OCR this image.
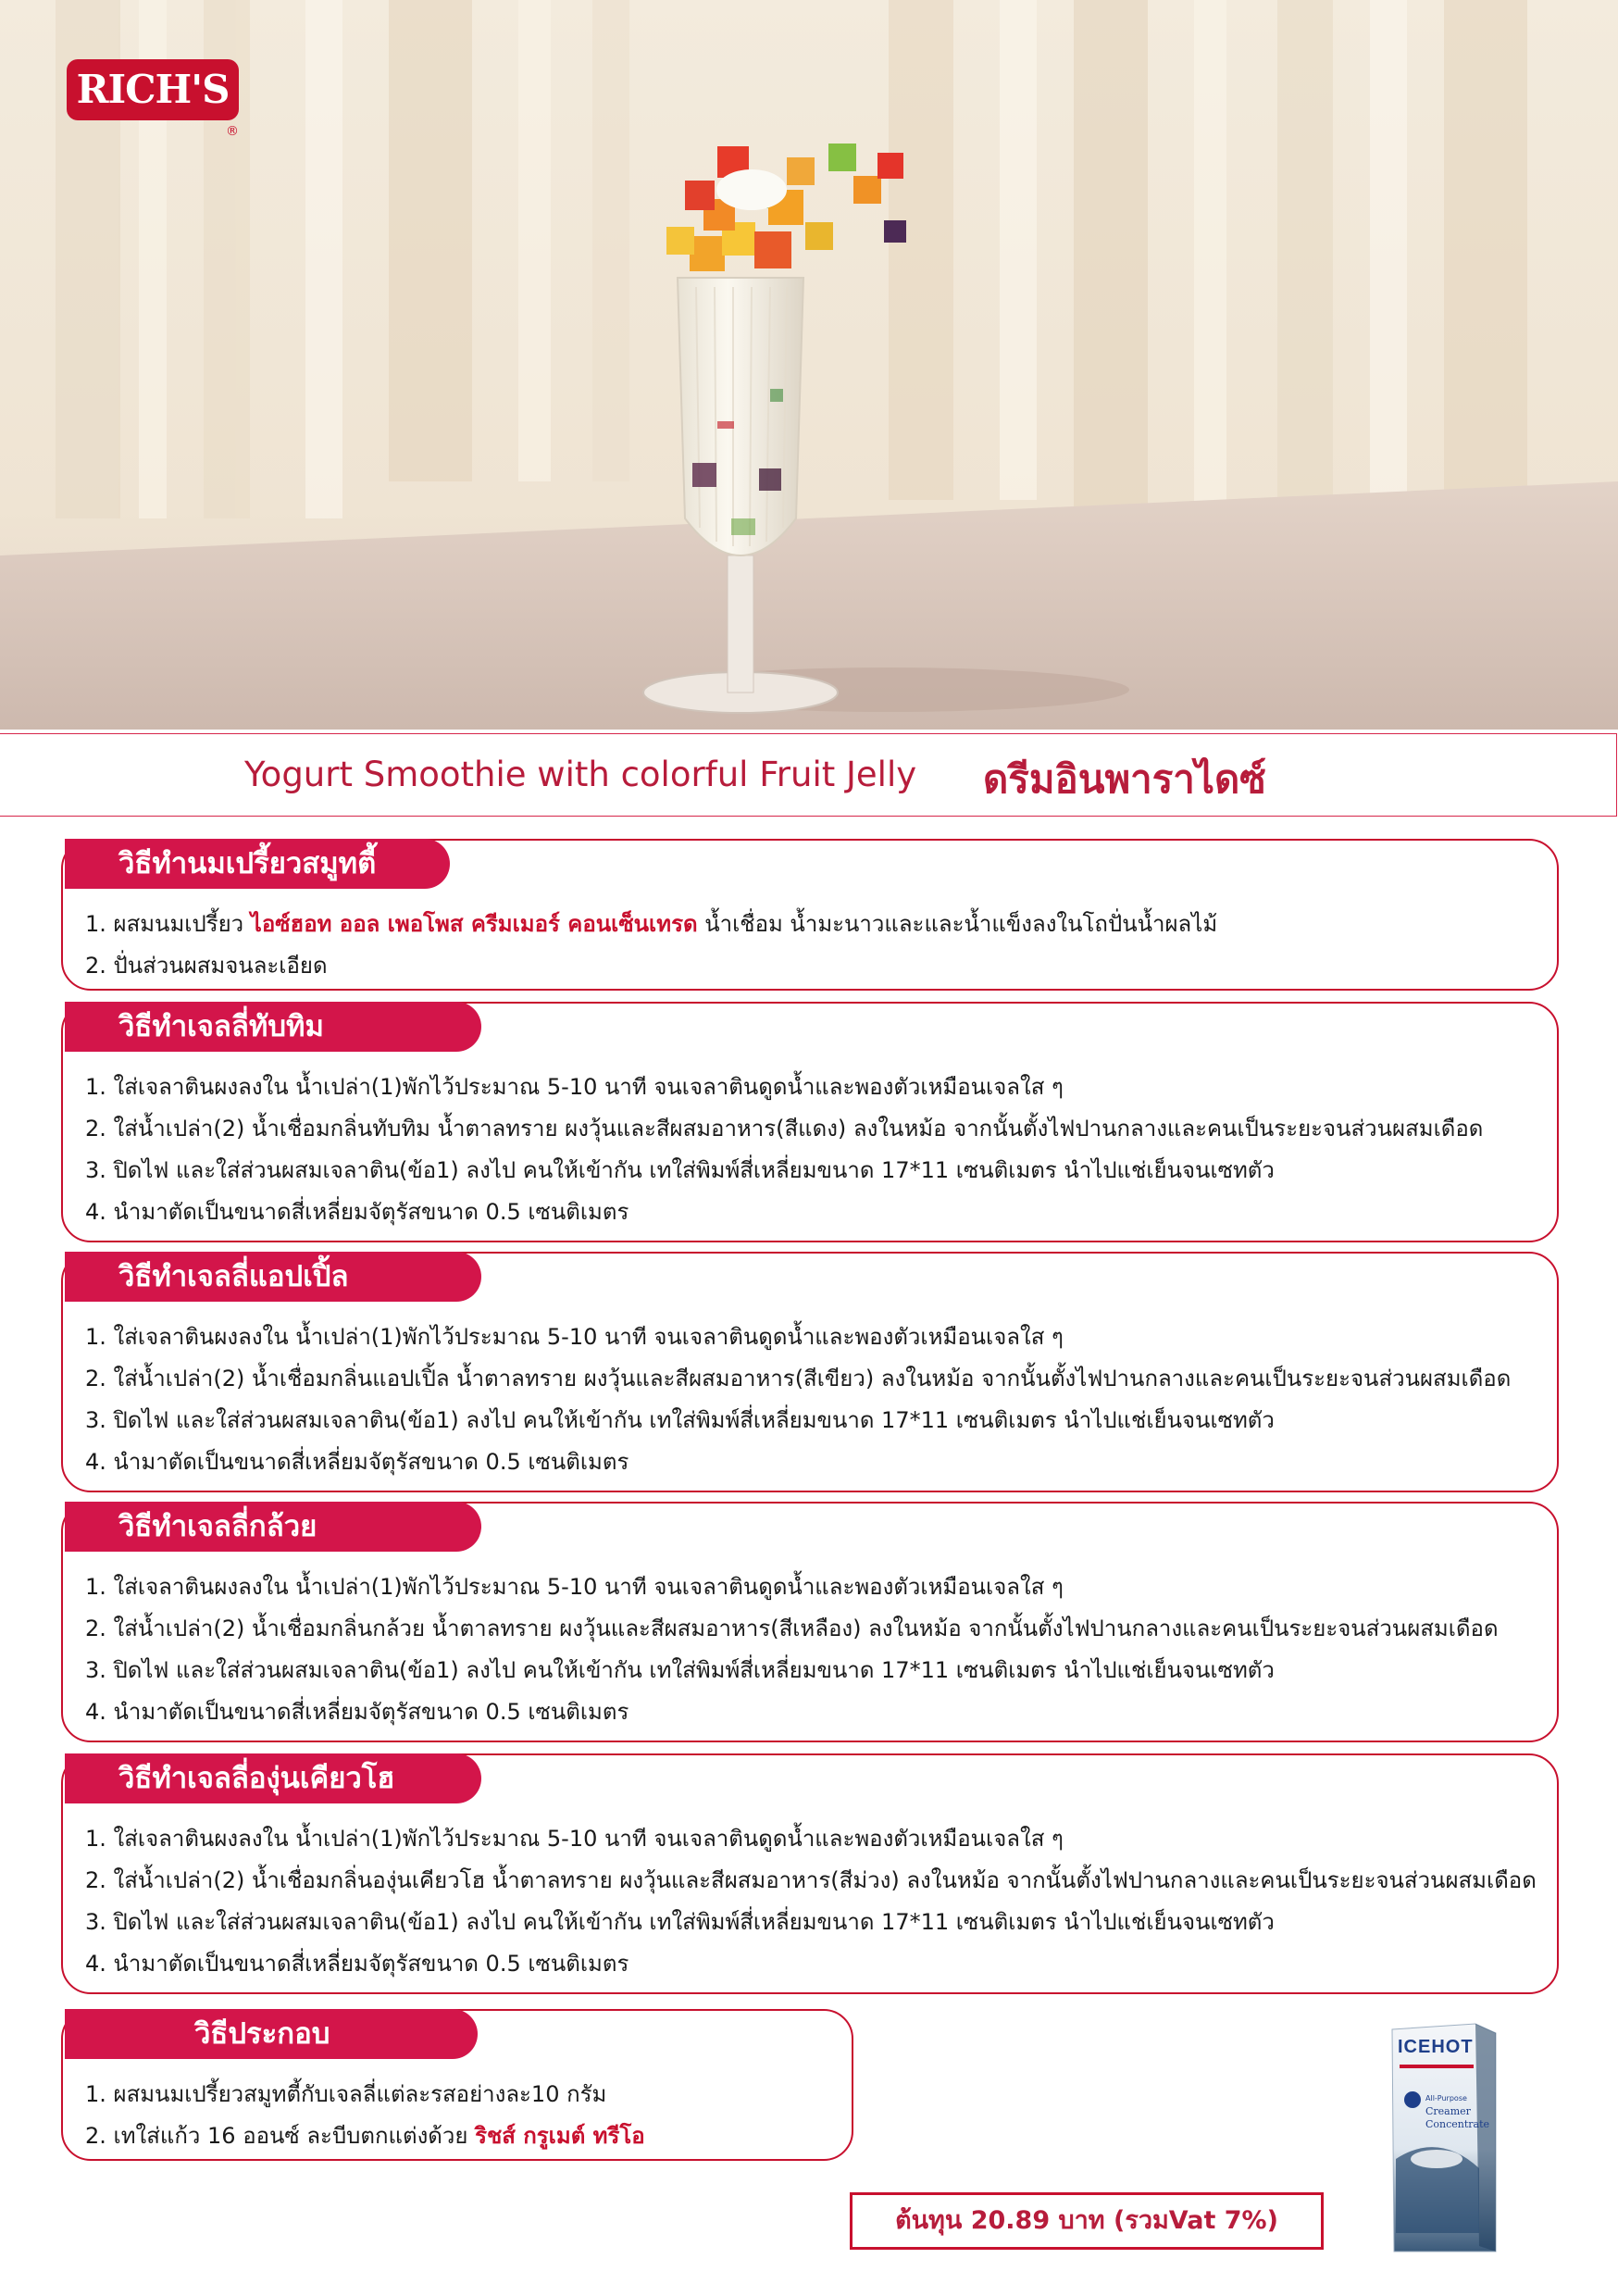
RICH'S
®
Yogurt Smoothie with colorful Fruit Jelly ดรีมอินพาราไดซ์
วิธีทำนมเปรี้ยวสมูทตี้
1. ผสมนมเปรี้ยว ไอซ์ฮอท ออล เพอโพส ครีมเมอร์ คอนเซ็นเทรด น้ำเชื่อม น้ำมะนาวและและน้ำแข็งลงในโถปั่นน้ำผลไม้
2. ปั่นส่วนผสมจนละเอียด
วิธีทำเจลลี่ทับทิม
1. ใส่เจลาตินผงลงใน น้ำเปล่า(1)พักไว้ประมาณ 5-10 นาที จนเจลาตินดูดน้ำและพองตัวเหมือนเจลใส ๆ
2. ใส่น้ำเปล่า(2) น้ำเชื่อมกลิ่นทับทิม น้ำตาลทราย ผงวุ้นและสีผสมอาหาร(สีแดง) ลงในหม้อ จากนั้นตั้งไฟปานกลางและคนเป็นระยะจนส่วนผสมเดือด
3. ปิดไฟ และใส่ส่วนผสมเจลาติน(ข้อ1) ลงไป คนให้เข้ากัน เทใส่พิมพ์สี่เหลี่ยมขนาด 17*11 เซนติเมตร นำไปแช่เย็นจนเซทตัว
4. นำมาตัดเป็นขนาดสี่เหลี่ยมจัตุรัสขนาด 0.5 เซนติเมตร
วิธีทำเจลลี่แอปเปิ้ล
1. ใส่เจลาตินผงลงใน น้ำเปล่า(1)พักไว้ประมาณ 5-10 นาที จนเจลาตินดูดน้ำและพองตัวเหมือนเจลใส ๆ
2. ใส่น้ำเปล่า(2) น้ำเชื่อมกลิ่นแอปเปิ้ล น้ำตาลทราย ผงวุ้นและสีผสมอาหาร(สีเขียว) ลงในหม้อ จากนั้นตั้งไฟปานกลางและคนเป็นระยะจนส่วนผสมเดือด
3. ปิดไฟ และใส่ส่วนผสมเจลาติน(ข้อ1) ลงไป คนให้เข้ากัน เทใส่พิมพ์สี่เหลี่ยมขนาด 17*11 เซนติเมตร นำไปแช่เย็นจนเซทตัว
4. นำมาตัดเป็นขนาดสี่เหลี่ยมจัตุรัสขนาด 0.5 เซนติเมตร
วิธีทำเจลลี่กล้วย
1. ใส่เจลาตินผงลงใน น้ำเปล่า(1)พักไว้ประมาณ 5-10 นาที จนเจลาตินดูดน้ำและพองตัวเหมือนเจลใส ๆ
2. ใส่น้ำเปล่า(2) น้ำเชื่อมกลิ่นกล้วย น้ำตาลทราย ผงวุ้นและสีผสมอาหาร(สีเหลือง) ลงในหม้อ จากนั้นตั้งไฟปานกลางและคนเป็นระยะจนส่วนผสมเดือด
3. ปิดไฟ และใส่ส่วนผสมเจลาติน(ข้อ1) ลงไป คนให้เข้ากัน เทใส่พิมพ์สี่เหลี่ยมขนาด 17*11 เซนติเมตร นำไปแช่เย็นจนเซทตัว
4. นำมาตัดเป็นขนาดสี่เหลี่ยมจัตุรัสขนาด 0.5 เซนติเมตร
วิธีทำเจลลี่องุ่นเคียวโฮ
1. ใส่เจลาตินผงลงใน น้ำเปล่า(1)พักไว้ประมาณ 5-10 นาที จนเจลาตินดูดน้ำและพองตัวเหมือนเจลใส ๆ
2. ใส่น้ำเปล่า(2) น้ำเชื่อมกลิ่นองุ่นเคียวโฮ น้ำตาลทราย ผงวุ้นและสีผสมอาหาร(สีม่วง) ลงในหม้อ จากนั้นตั้งไฟปานกลางและคนเป็นระยะจนส่วนผสมเดือด
3. ปิดไฟ และใส่ส่วนผสมเจลาติน(ข้อ1) ลงไป คนให้เข้ากัน เทใส่พิมพ์สี่เหลี่ยมขนาด 17*11 เซนติเมตร นำไปแช่เย็นจนเซทตัว
4. นำมาตัดเป็นขนาดสี่เหลี่ยมจัตุรัสขนาด 0.5 เซนติเมตร
วิธีประกอบ
1. ผสมนมเปรี้ยวสมูทตี้กับเจลลี่แต่ละรสอย่างละ10 กรัม
2. เทใส่แก้ว 16 ออนซ์ ละบีบตกแต่งด้วย ริชส์ กรูเมต์ ทรีโอ
ต้นทุน 20.89 บาท (รวมVat 7%)
ICEHOT
All-Purpose
Creamer
Concentrate
